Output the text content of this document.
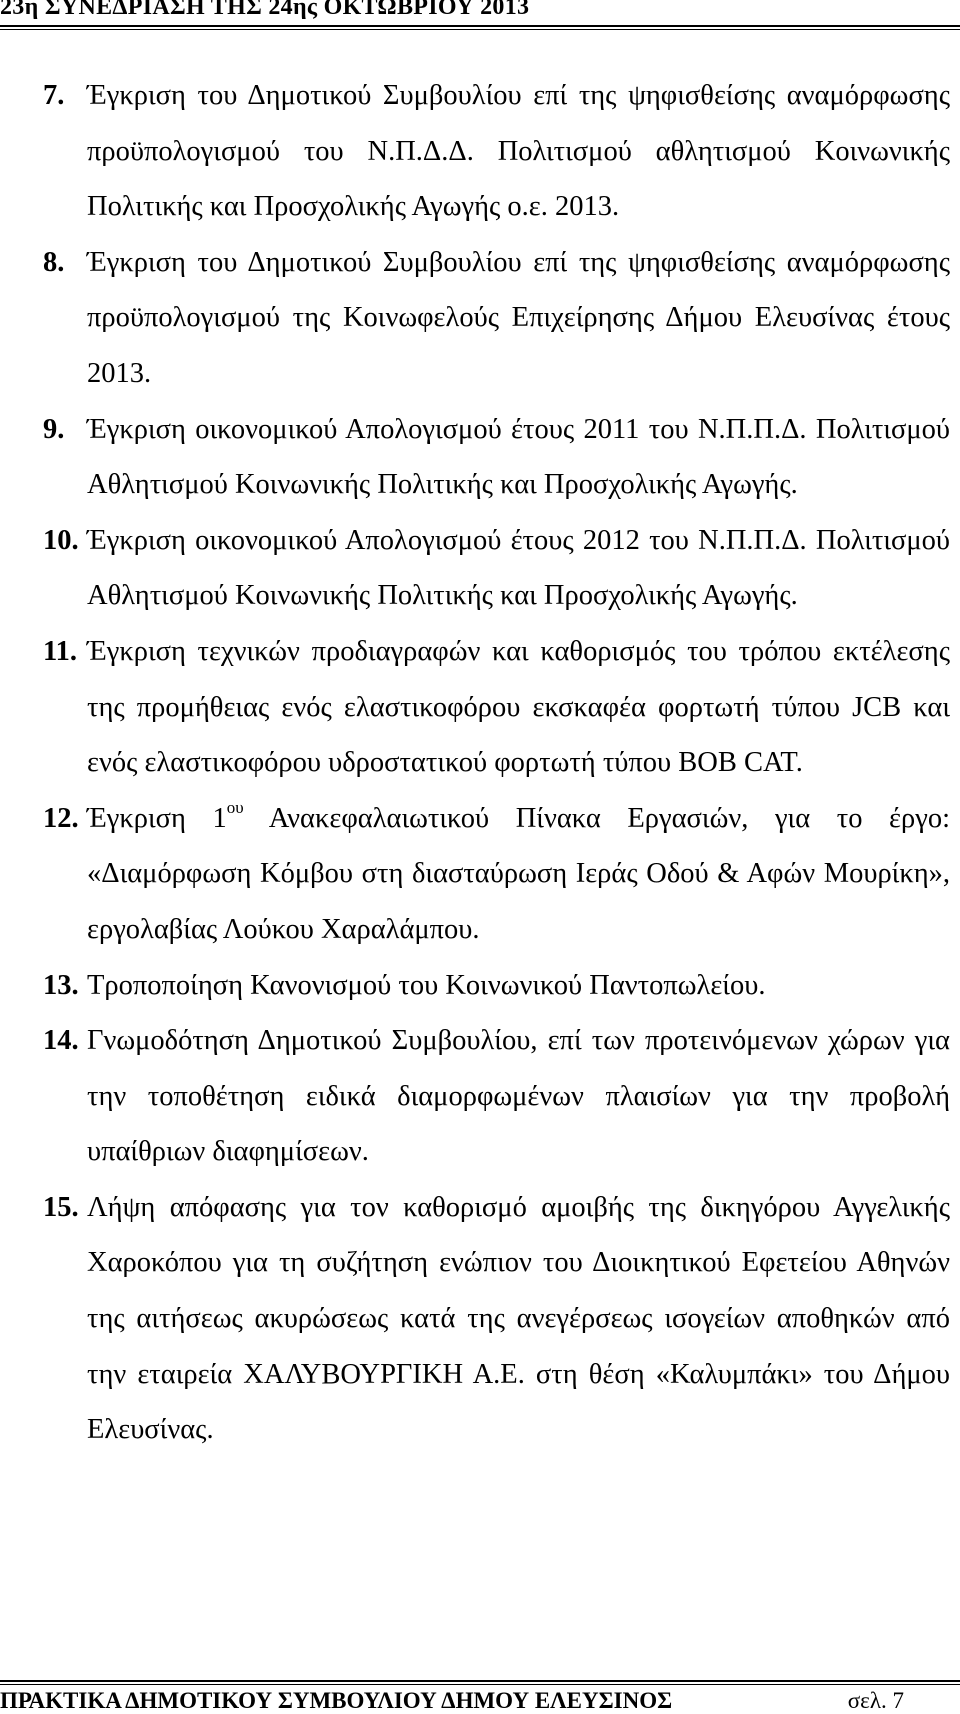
23η ΣΥΝΕΔΡΙΑΣΗ ΤΗΣ 24ης ΟΚΤΩΒΡΙΟΥ 2013
7. Έγκριση του Δημοτικού Συμβουλίου επί της ψηφισθείσης αναμόρφωσης προϋπολογισμού του Ν.Π.Δ.Δ. Πολιτισμού αθλητισμού Κοινωνικής Πολιτικής και Προσχολικής Αγωγής ο.ε. 2013.
8. Έγκριση του Δημοτικού Συμβουλίου επί της ψηφισθείσης αναμόρφωσης προϋπολογισμού της Κοινωφελούς Επιχείρησης Δήμου Ελευσίνας έτους 2013.
9. Έγκριση οικονομικού Απολογισμού έτους 2011 του Ν.Π.Π.Δ. Πολιτισμού Αθλητισμού Κοινωνικής Πολιτικής και Προσχολικής Αγωγής.
10. Έγκριση οικονομικού Απολογισμού έτους 2012 του Ν.Π.Π.Δ. Πολιτισμού Αθλητισμού Κοινωνικής Πολιτικής και Προσχολικής Αγωγής.
11. Έγκριση τεχνικών προδιαγραφών και καθορισμός του τρόπου εκτέλεσης της προμήθειας ενός ελαστικοφόρου εκσκαφέα φορτωτή τύπου JCB και ενός ελαστικοφόρου υδροστατικού φορτωτή τύπου BOB CAT.
12. Έγκριση $1^{o\upsilon}$ Ανακεφαλαιωτικού Πίνακα Εργασιών, για το έργο: «Διαμόρφωση Κόμβου στη διασταύρωση Ιεράς Οδού & Αφών Μουρίκη», εργολαβίας Λούκου Χαραλάμπου.
13. Τροποποίηση Κανονισμού του Κοινωνικού Παντοπωλείου.
14. Γνωμοδότηση Δημοτικού Συμβουλίου, επί των προτεινόμενων χώρων για την τοποθέτηση ειδικά διαμορφωμένων πλαισίων για την προβολή υπαίθριων διαφημίσεων.
15. Λήψη απόφασης για τον καθορισμό αμοιβής της δικηγόρου Αγγελικής Χαροκόπου για τη συζήτηση ενώπιον του Διοικητικού Εφετείου Αθηνών της αιτήσεως ακυρώσεως κατά της ανεγέρσεως ισογείων αποθηκών από την εταιρεία ΧΑΛΥΒΟΥΡΓΙΚΗ Α.Ε. στη θέση «Καλυμπάκι» του Δήμου Ελευσίνας.
ΠΡΑΚΤΙΚΑ ΔΗΜΟΤΙΚΟΥ ΣΥΜΒΟΥΛΙΟΥ ΔΗΜΟΥ ΕΛΕΥΣΙΝΟΣ	σελ. 7
